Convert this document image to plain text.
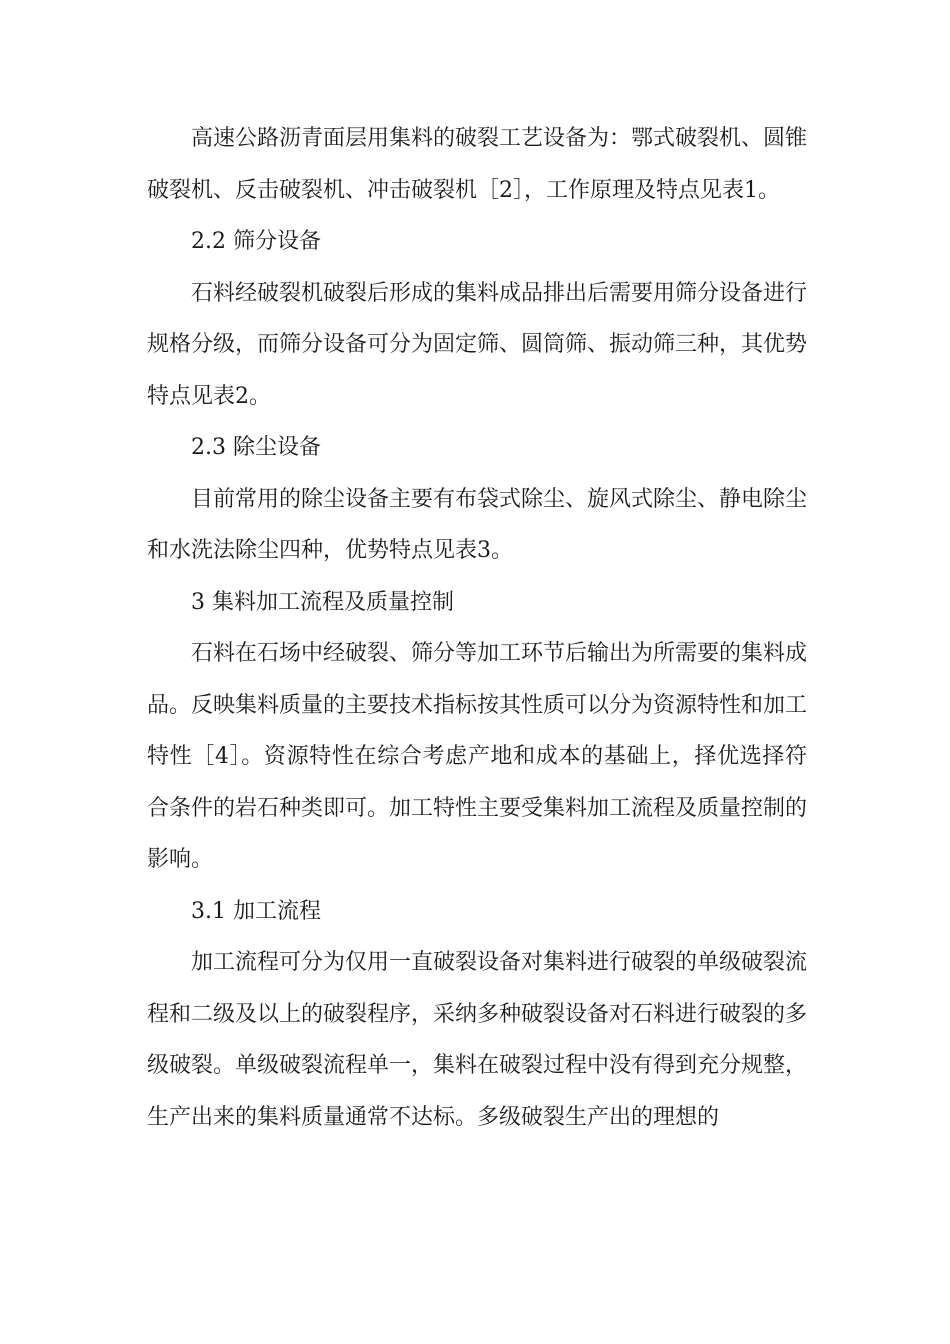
高速公路沥青面层用集料的破裂工艺设备为：鄂式破裂机、圆锥破裂机、反击破裂机、冲击破裂机［2］，工作原理及特点见表1。

2.2 筛分设备

石料经破裂机破裂后形成的集料成品排出后需要用筛分设备进行规格分级，而筛分设备可分为固定筛、圆筒筛、振动筛三种，其优势特点见表2。

2.3 除尘设备

目前常用的除尘设备主要有布袋式除尘、旋风式除尘、静电除尘和水洗法除尘四种，优势特点见表3。

3 集料加工流程及质量控制

石料在石场中经破裂、筛分等加工环节后输出为所需要的集料成品。反映集料质量的主要技术指标按其性质可以分为资源特性和加工特性［4］。资源特性在综合考虑产地和成本的基础上，择优选择符合条件的岩石种类即可。加工特性主要受集料加工流程及质量控制的影响。

3.1 加工流程

加工流程可分为仅用一直破裂设备对集料进行破裂的单级破裂流程和二级及以上的破裂程序，采纳多种破裂设备对石料进行破裂的多级破裂。单级破裂流程单一，集料在破裂过程中没有得到充分规整，生产出来的集料质量通常不达标。多级破裂生产出的理想的
